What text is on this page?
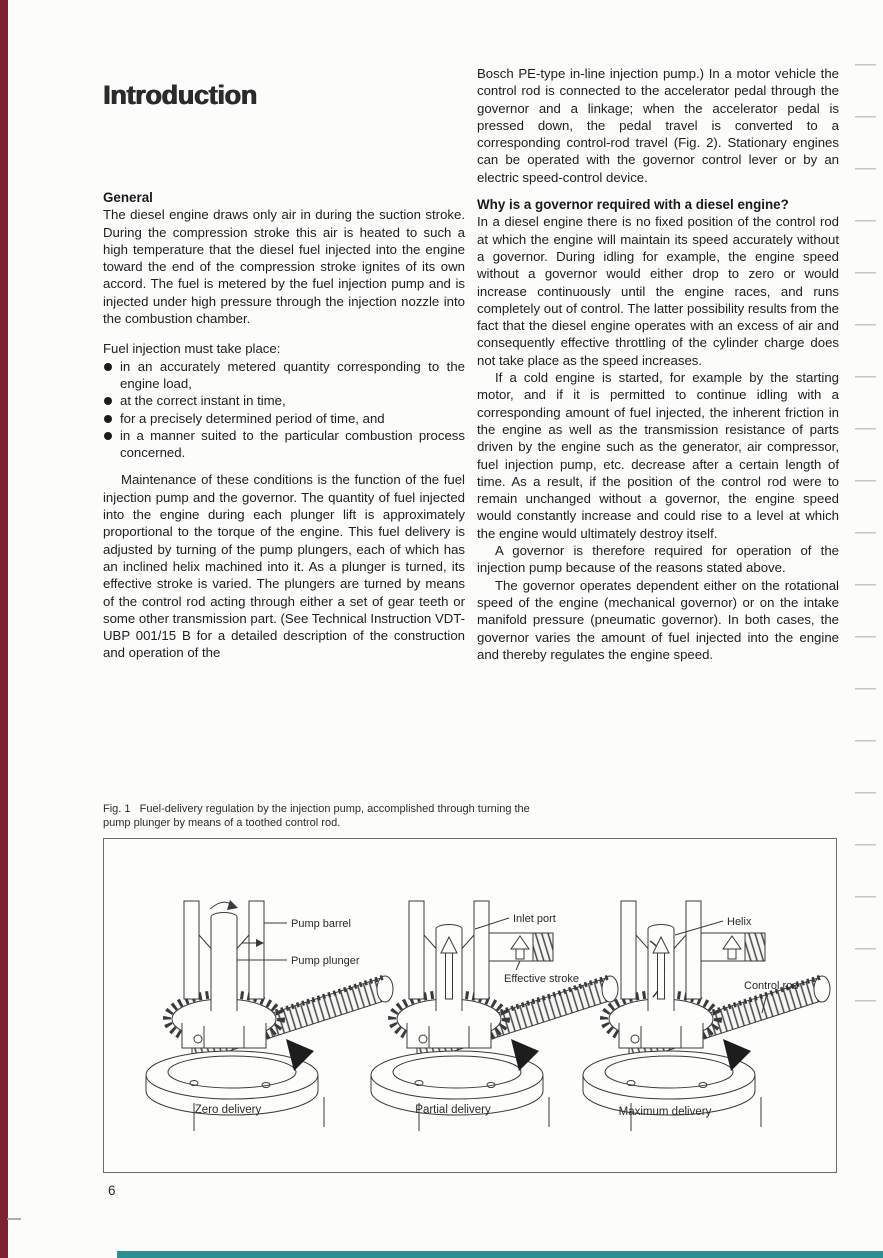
Introduction
General

The diesel engine draws only air in during the suction stroke. During the compression stroke this air is heated to such a high temperature that the diesel fuel injected into the engine toward the end of the compression stroke ignites of its own accord. The fuel is metered by the fuel injection pump and is injected under high pressure through the injection nozzle into the combustion chamber.

Fuel injection must take place:

in an accurately metered quantity corresponding to the engine load,
at the correct instant in time,
for a precisely determined period of time, and
in a manner suited to the particular combustion process concerned.

Maintenance of these conditions is the function of the fuel injection pump and the governor. The quantity of fuel injected into the engine during each plunger lift is approximately proportional to the torque of the engine. This fuel delivery is adjusted by turning of the pump plungers, each of which has an inclined helix machined into it. As a plunger is turned, its effective stroke is varied. The plungers are turned by means of the control rod acting through either a set of gear teeth or some other transmission part. (See Technical Instruction VDT-UBP 001/15 B for a detailed description of the construction and operation of the

Bosch PE-type in-line injection pump.) In a motor vehicle the control rod is connected to the accelerator pedal through the governor and a linkage; when the accelerator pedal is pressed down, the pedal travel is converted to a corresponding control-rod travel (Fig. 2). Stationary engines can be operated with the governor control lever or by an electric speed-control device.

Why is a governor required with a diesel engine?

In a diesel engine there is no fixed position of the control rod at which the engine will maintain its speed accurately without a governor. During idling for example, the engine speed without a governor would either drop to zero or would increase continuously until the engine races, and runs completely out of control. The latter possibility results from the fact that the diesel engine operates with an excess of air and consequently effective throttling of the cylinder charge does not take place as the speed increases.

If a cold engine is started, for example by the starting motor, and if it is permitted to continue idling with a corresponding amount of fuel injected, the inherent friction in the engine as well as the transmission resistance of parts driven by the engine such as the generator, air compressor, fuel injection pump, etc. decrease after a certain length of time. As a result, if the position of the control rod were to remain unchanged without a governor, the engine speed would constantly increase and could rise to a level at which the engine would ultimately destroy itself.

A governor is therefore required for operation of the injection pump because of the reasons stated above.

The governor operates dependent either on the rotational speed of the engine (mechanical governor) or on the intake manifold pressure (pneumatic governor). In both cases, the governor varies the amount of fuel injected into the engine and thereby regulates the engine speed.

Fig. 1   Fuel-delivery regulation by the injection pump, accomplished through turning the pump plunger by means of a toothed control rod.
Pump barrel
Pump plunger
Zero delivery
Inlet port
Effective stroke
Partial delivery
Helix
Control rod
Maximum delivery
6
